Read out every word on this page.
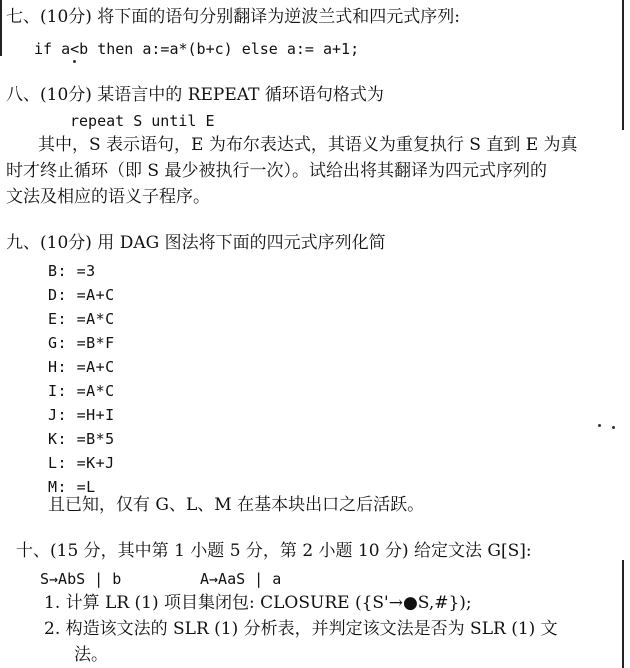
七、(10分) 将下面的语句分别翻译为逆波兰式和四元式序列:
if a<b then a:=a*(b+c) else a:= a+1;
八、(10分) 某语言中的 REPEAT 循环语句格式为
repeat S until E
其中，S 表示语句，E 为布尔表达式，其语义为重复执行 S 直到 E 为真
时才终止循环（即 S 最少被执行一次）。试给出将其翻译为四元式序列的
文法及相应的语义子程序。
九、(10分) 用 DAG 图法将下面的四元式序列化简
B: =3
D: =A+C
E: =A*C
G: =B*F
H: =A+C
I: =A*C
J: =H+I
K: =B*5
L: =K+J
M: =L
且已知，仅有 G、L、M 在基本块出口之后活跃。
十、(15 分，其中第 1 小题 5 分，第 2 小题 10 分) 给定文法 G[S]:
S→AbS | b	A→AaS | a
1. 计算 LR (1) 项目集闭包: CLOSURE ({S'→●S,#});
2. 构造该文法的 SLR (1) 分析表，并判定该文法是否为 SLR (1) 文
法。
